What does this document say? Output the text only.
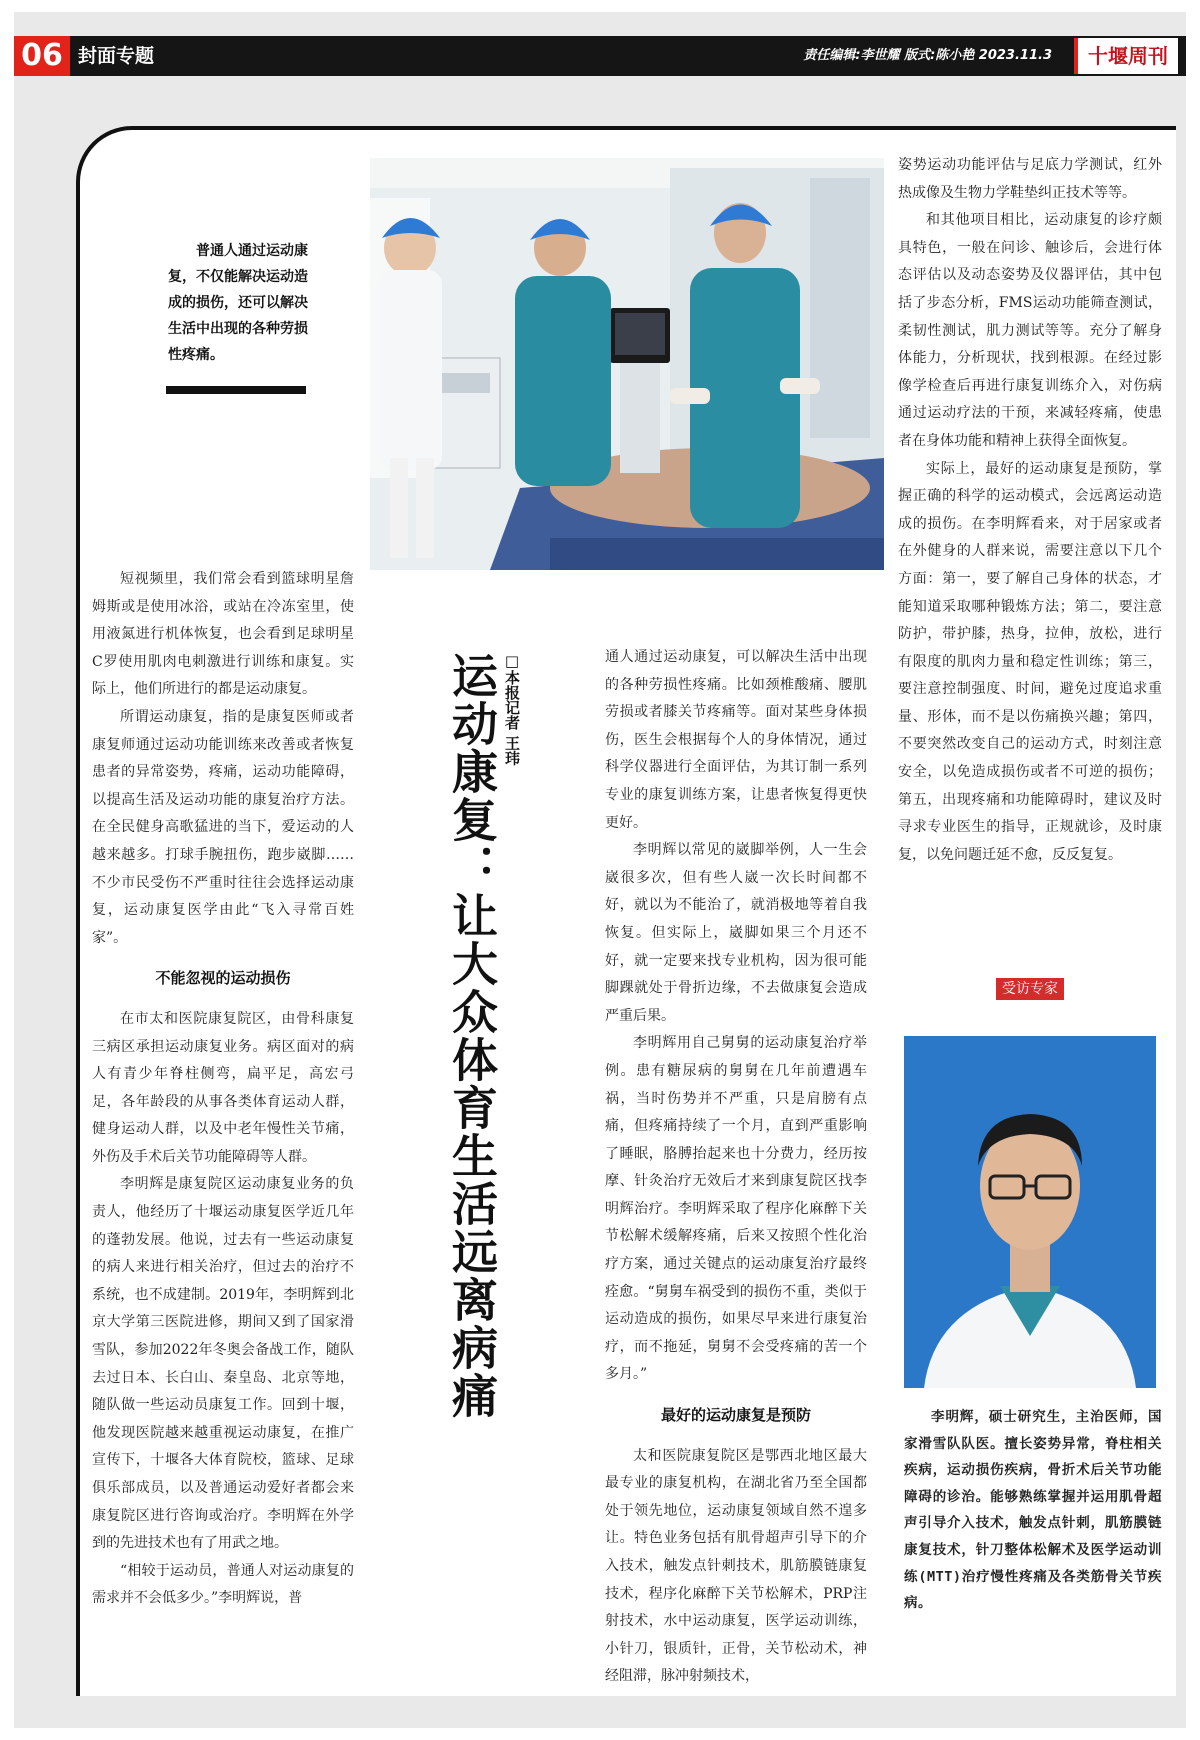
06 封面专题	责任编辑:李世耀 版式:陈小艳 2023.11.3	十堰周刊
普通人通过运动康复，不仅能解决运动造成的损伤，还可以解决生活中出现的各种劳损性疼痛。
运动康复：让大众体育生活远离病痛 □本报记者 王玮

短视频里，我们常会看到篮球明星詹姆斯或是使用冰浴，或站在冷冻室里，使用液氮进行机体恢复，也会看到足球明星C罗使用肌肉电刺激进行训练和康复。实际上，他们所进行的都是运动康复。

所谓运动康复，指的是康复医师或者康复师通过运动功能训练来改善或者恢复患者的异常姿势，疼痛，运动功能障碍，以提高生活及运动功能的康复治疗方法。在全民健身高歌猛进的当下，爱运动的人越来越多。打球手腕扭伤，跑步崴脚……不少市民受伤不严重时往往会选择运动康复，运动康复医学由此“飞入寻常百姓家”。

不能忽视的运动损伤

在市太和医院康复院区，由骨科康复三病区承担运动康复业务。病区面对的病人有青少年脊柱侧弯，扁平足，高宏弓足，各年龄段的从事各类体育运动人群，健身运动人群，以及中老年慢性关节痛，外伤及手术后关节功能障碍等人群。

李明辉是康复院区运动康复业务的负责人，他经历了十堰运动康复医学近几年的蓬勃发展。他说，过去有一些运动康复的病人来进行相关治疗，但过去的治疗不系统，也不成建制。2019年，李明辉到北京大学第三医院进修，期间又到了国家滑雪队，参加2022年冬奥会备战工作，随队去过日本、长白山、秦皇岛、北京等地，随队做一些运动员康复工作。回到十堰，他发现医院越来越重视运动康复，在推广宣传下，十堰各大体育院校，篮球、足球俱乐部成员，以及普通运动爱好者都会来康复院区进行咨询或治疗。李明辉在外学到的先进技术也有了用武之地。

“相较于运动员，普通人对运动康复的需求并不会低多少。”李明辉说，普

通人通过运动康复，可以解决生活中出现的各种劳损性疼痛。比如颈椎酸痛、腰肌劳损或者膝关节疼痛等。面对某些身体损伤，医生会根据每个人的身体情况，通过科学仪器进行全面评估，为其订制一系列专业的康复训练方案，让患者恢复得更快更好。

李明辉以常见的崴脚举例，人一生会崴很多次，但有些人崴一次长时间都不好，就以为不能治了，就消极地等着自我恢复。但实际上，崴脚如果三个月还不好，就一定要来找专业机构，因为很可能脚踝就处于骨折边缘，不去做康复会造成严重后果。

李明辉用自己舅舅的运动康复治疗举例。患有糖尿病的舅舅在几年前遭遇车祸，当时伤势并不严重，只是肩膀有点痛，但疼痛持续了一个月，直到严重影响了睡眠，胳膊抬起来也十分费力，经历按摩、针灸治疗无效后才来到康复院区找李明辉治疗。李明辉采取了程序化麻醉下关节松解术缓解疼痛，后来又按照个性化治疗方案，通过关键点的运动康复治疗最终痊愈。“舅舅车祸受到的损伤不重，类似于运动造成的损伤，如果尽早来进行康复治疗，而不拖延，舅舅不会受疼痛的苦一个多月。”

最好的运动康复是预防

太和医院康复院区是鄂西北地区最大最专业的康复机构，在湖北省乃至全国都处于领先地位，运动康复领域自然不遑多让。特色业务包括有肌骨超声引导下的介入技术，触发点针刺技术，肌筋膜链康复技术，程序化麻醉下关节松解术，PRP注射技术，水中运动康复，医学运动训练，小针刀，银质针，正骨，关节松动术，神经阻滞，脉冲射频技术，

姿势运动功能评估与足底力学测试，红外热成像及生物力学鞋垫纠正技术等等。

和其他项目相比，运动康复的诊疗颇具特色，一般在问诊、触诊后，会进行体态评估以及动态姿势及仪器评估，其中包括了步态分析，FMS运动功能筛查测试，柔韧性测试，肌力测试等等。充分了解身体能力，分析现状，找到根源。在经过影像学检查后再进行康复训练介入，对伤病通过运动疗法的干预，来减轻疼痛，使患者在身体功能和精神上获得全面恢复。

实际上，最好的运动康复是预防，掌握正确的科学的运动模式，会远离运动造成的损伤。在李明辉看来，对于居家或者在外健身的人群来说，需要注意以下几个方面：第一，要了解自己身体的状态，才能知道采取哪种锻炼方法；第二，要注意防护，带护膝，热身，拉伸，放松，进行有限度的肌肉力量和稳定性训练；第三，要注意控制强度、时间，避免过度追求重量、形体，而不是以伤痛换兴趣；第四，不要突然改变自己的运动方式，时刻注意安全，以免造成损伤或者不可逆的损伤；第五，出现疼痛和功能障碍时，建议及时寻求专业医生的指导，正规就诊，及时康复，以免问题迁延不愈，反反复复。

受访专家
李明辉，硕士研究生，主治医师，国家滑雪队队医。擅长姿势异常，脊柱相关疾病，运动损伤疾病，骨折术后关节功能障碍的诊治。能够熟练掌握并运用肌骨超声引导介入技术，触发点针刺，肌筋膜链康复技术，针刀整体松解术及医学运动训练(MTT)治疗慢性疼痛及各类筋骨关节疾病。
